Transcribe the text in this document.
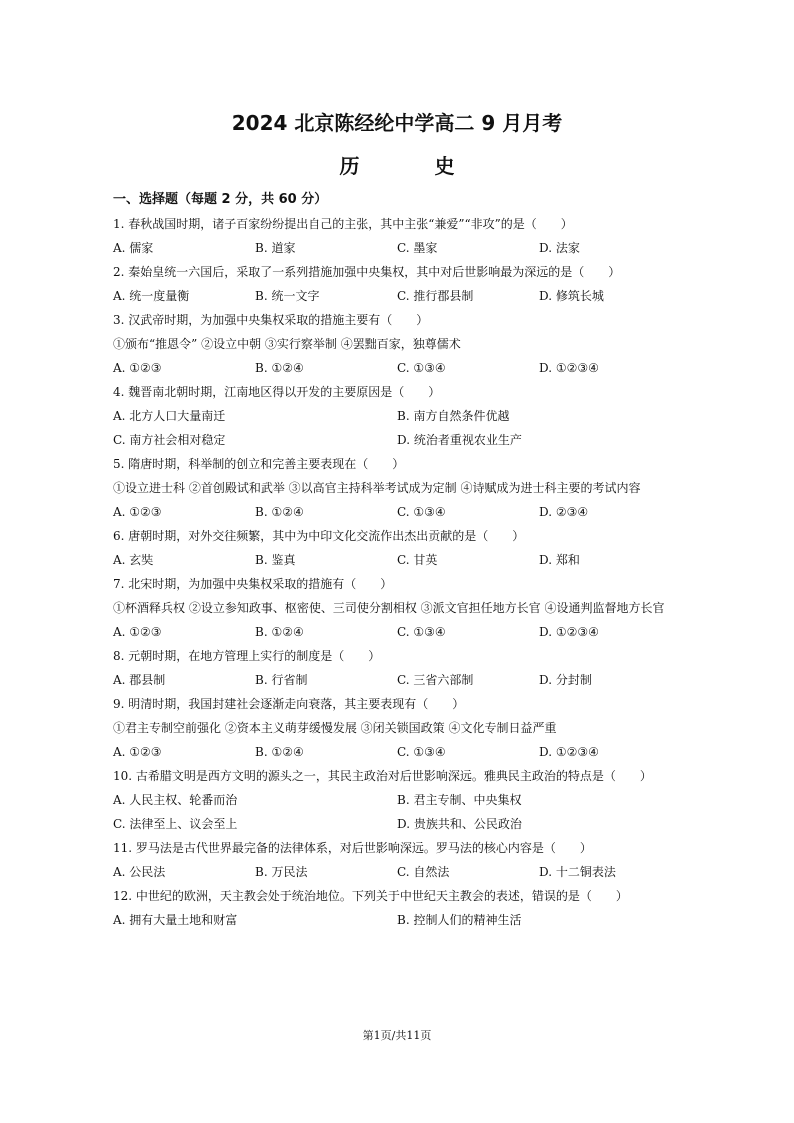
2024 北京陈经纶中学高二 9 月月考
历 史
一、选择题（每题 2 分，共 60 分）
1. 春秋战国时期，诸子百家纷纷提出自己的主张，其中主张“兼爱”“非攻”的是（　　）
A. 儒家	B. 道家	C. 墨家	D. 法家
2. 秦始皇统一六国后，采取了一系列措施加强中央集权，其中对后世影响最为深远的是（　　）
A. 统一度量衡	B. 统一文字	C. 推行郡县制	D. 修筑长城
3. 汉武帝时期，为加强中央集权采取的措施主要有（　　）
①颁布“推恩令” ②设立中朝 ③实行察举制 ④罢黜百家，独尊儒术
A. ①②③	B. ①②④	C. ①③④	D. ①②③④
4. 魏晋南北朝时期，江南地区得以开发的主要原因是（　　）
A. 北方人口大量南迁	B. 南方自然条件优越
C. 南方社会相对稳定	D. 统治者重视农业生产
5. 隋唐时期，科举制的创立和完善主要表现在（　　）
①设立进士科 ②首创殿试和武举 ③以高官主持科举考试成为定制 ④诗赋成为进士科主要的考试内容
A. ①②③	B. ①②④	C. ①③④	D. ②③④
6. 唐朝时期，对外交往频繁，其中为中印文化交流作出杰出贡献的是（　　）
A. 玄奘	B. 鉴真	C. 甘英	D. 郑和
7. 北宋时期，为加强中央集权采取的措施有（　　）
①杯酒释兵权 ②设立参知政事、枢密使、三司使分割相权 ③派文官担任地方长官 ④设通判监督地方长官
A. ①②③	B. ①②④	C. ①③④	D. ①②③④
8. 元朝时期，在地方管理上实行的制度是（　　）
A. 郡县制	B. 行省制	C. 三省六部制	D. 分封制
9. 明清时期，我国封建社会逐渐走向衰落，其主要表现有（　　）
①君主专制空前强化 ②资本主义萌芽缓慢发展 ③闭关锁国政策 ④文化专制日益严重
A. ①②③	B. ①②④	C. ①③④	D. ①②③④
10. 古希腊文明是西方文明的源头之一，其民主政治对后世影响深远。雅典民主政治的特点是（　　）
A. 人民主权、轮番而治	B. 君主专制、中央集权
C. 法律至上、议会至上	D. 贵族共和、公民政治
11. 罗马法是古代世界最完备的法律体系，对后世影响深远。罗马法的核心内容是（　　）
A. 公民法	B. 万民法	C. 自然法	D. 十二铜表法
12. 中世纪的欧洲，天主教会处于统治地位。下列关于中世纪天主教会的表述，错误的是（　　）
A. 拥有大量土地和财富	B. 控制人们的精神生活
第1页/共11页
